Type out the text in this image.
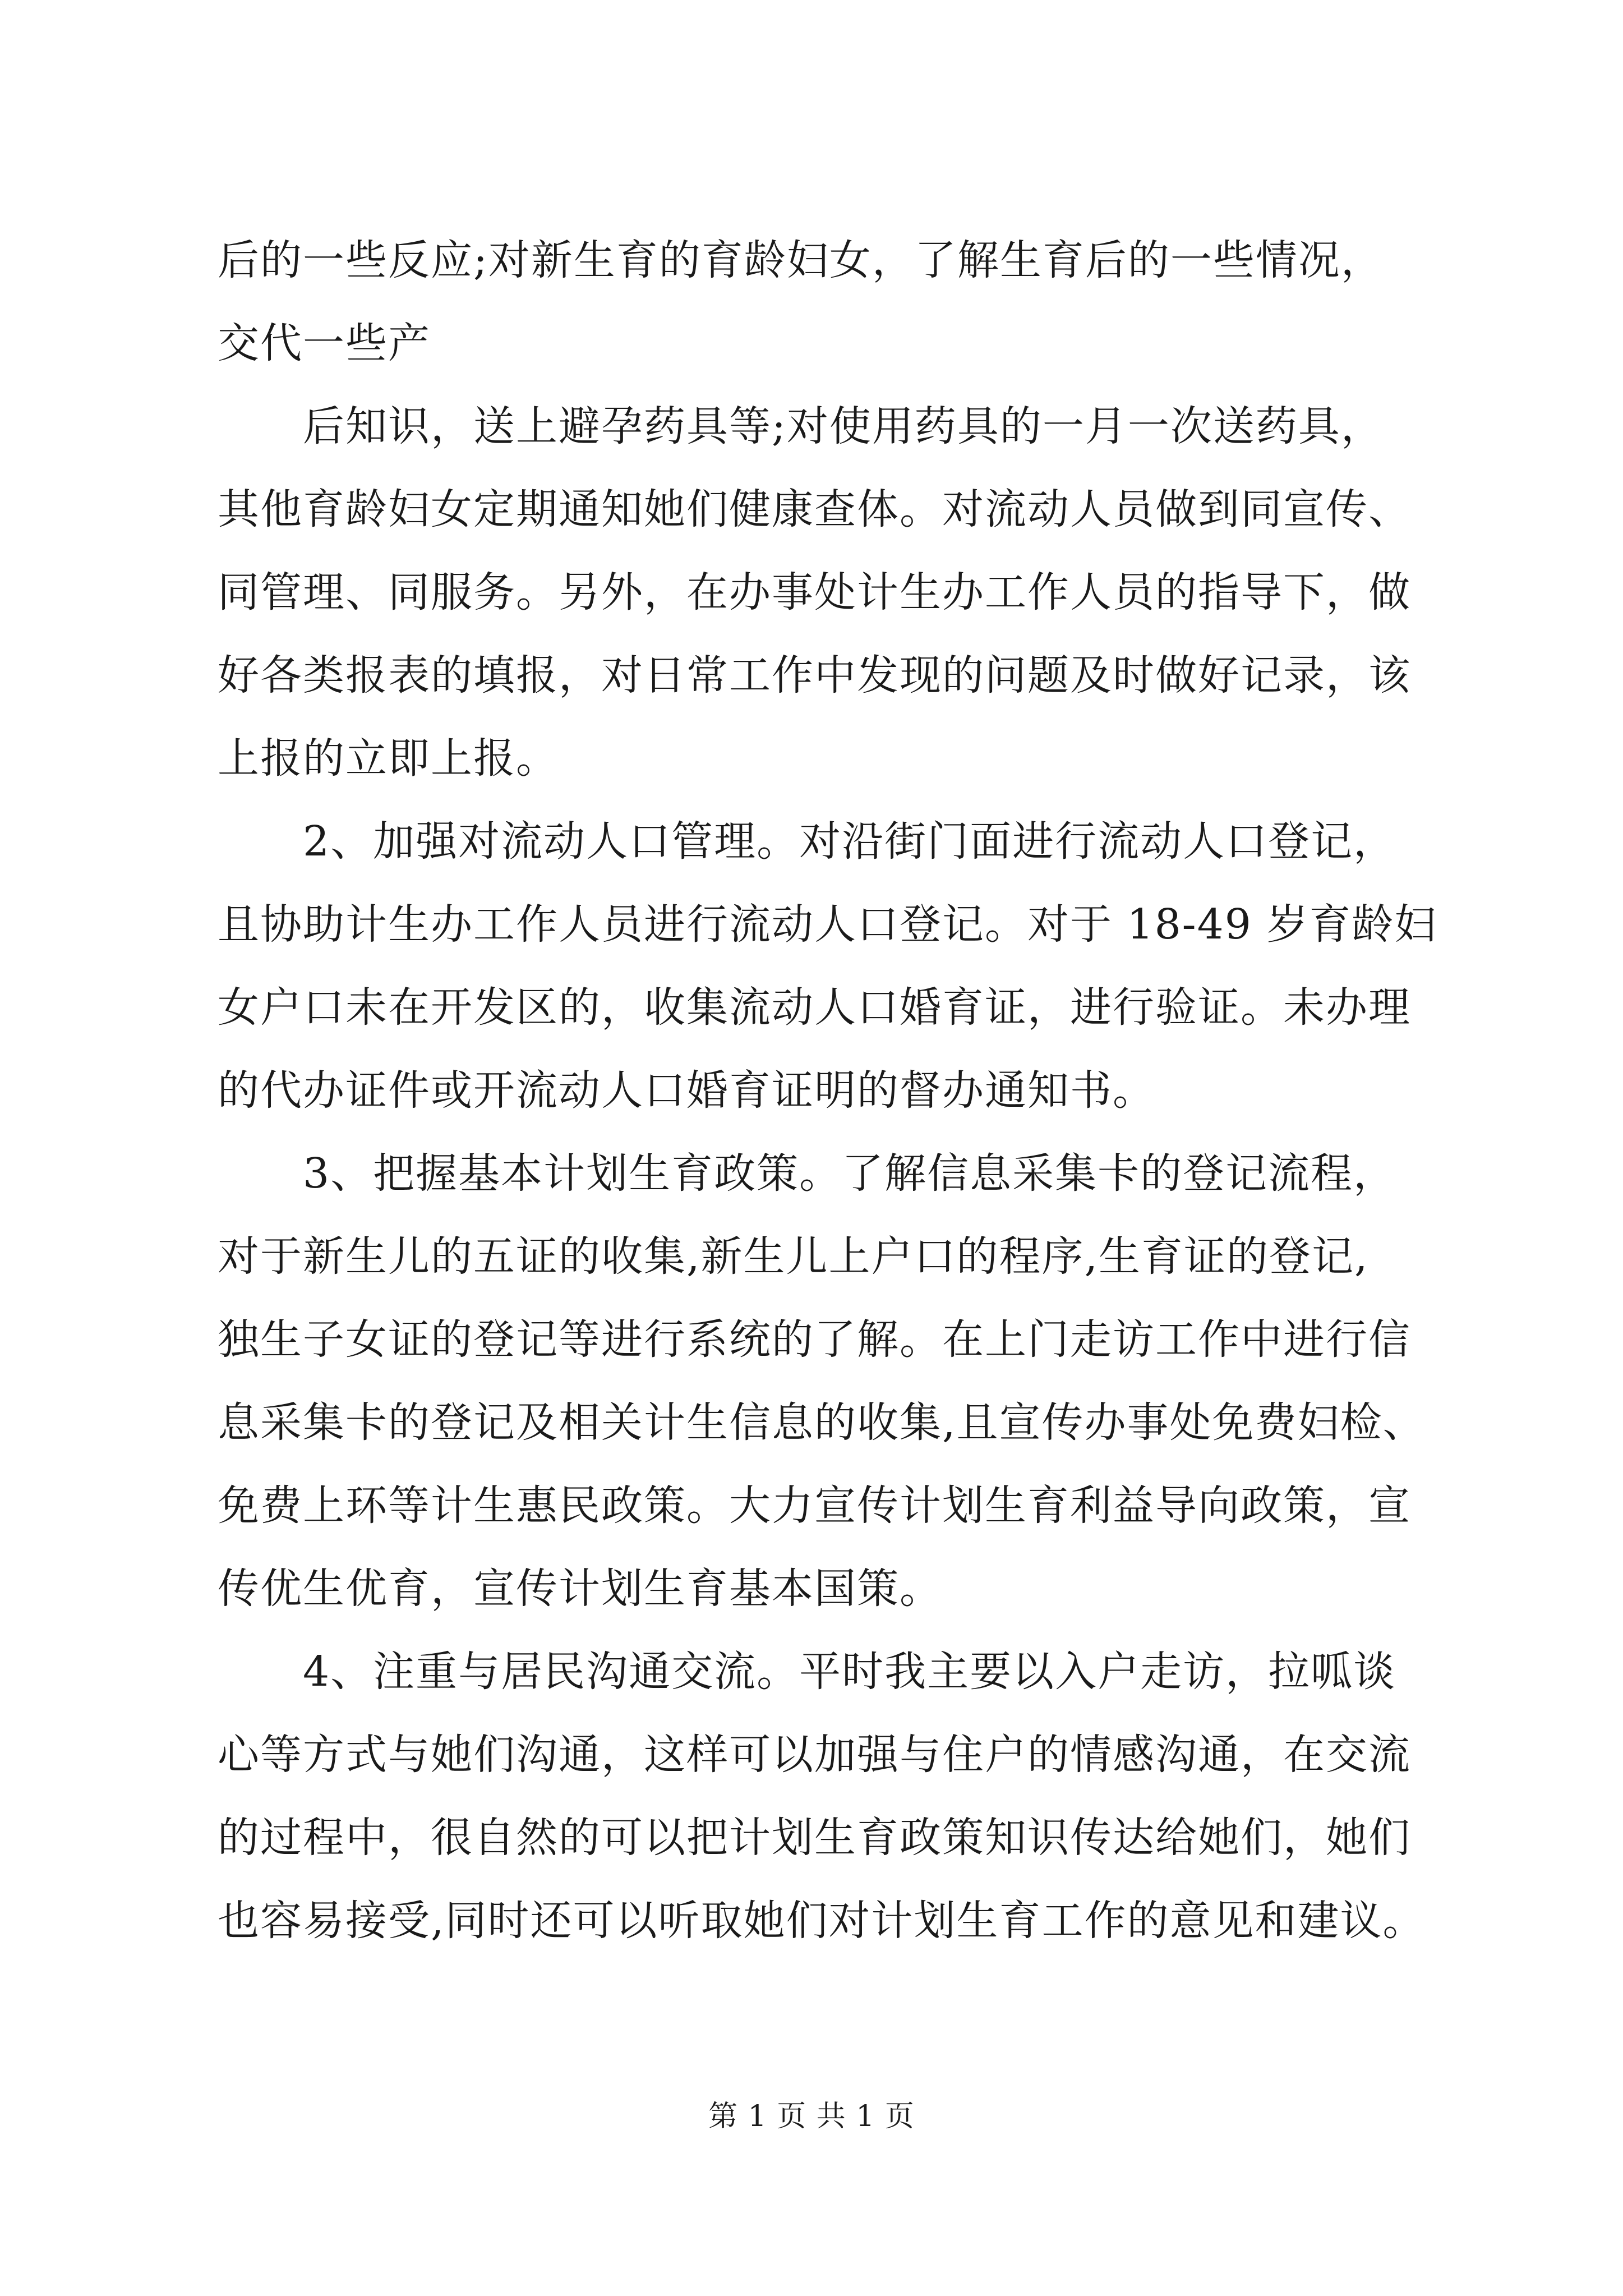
后的一些反应;对新生育的育龄妇女，了解生育后的一些情况，
交代一些产
后知识，送上避孕药具等;对使用药具的一月一次送药具，
其他育龄妇女定期通知她们健康查体。对流动人员做到同宣传、
同管理、同服务。另外，在办事处计生办工作人员的指导下，做
好各类报表的填报，对日常工作中发现的问题及时做好记录，该
上报的立即上报。
2、加强对流动人口管理。对沿街门面进行流动人口登记，
且协助计生办工作人员进行流动人口登记。对于 18-49 岁育龄妇
女户口未在开发区的，收集流动人口婚育证，进行验证。未办理
的代办证件或开流动人口婚育证明的督办通知书。
3、把握基本计划生育政策。了解信息采集卡的登记流程，
对于新生儿的五证的收集,新生儿上户口的程序,生育证的登记,
独生子女证的登记等进行系统的了解。在上门走访工作中进行信
息采集卡的登记及相关计生信息的收集,且宣传办事处免费妇检、
免费上环等计生惠民政策。大力宣传计划生育利益导向政策，宣
传优生优育，宣传计划生育基本国策。
4、注重与居民沟通交流。平时我主要以入户走访，拉呱谈
心等方式与她们沟通，这样可以加强与住户的情感沟通，在交流
的过程中，很自然的可以把计划生育政策知识传达给她们，她们
也容易接受,同时还可以听取她们对计划生育工作的意见和建议。
第 1 页 共 1 页
